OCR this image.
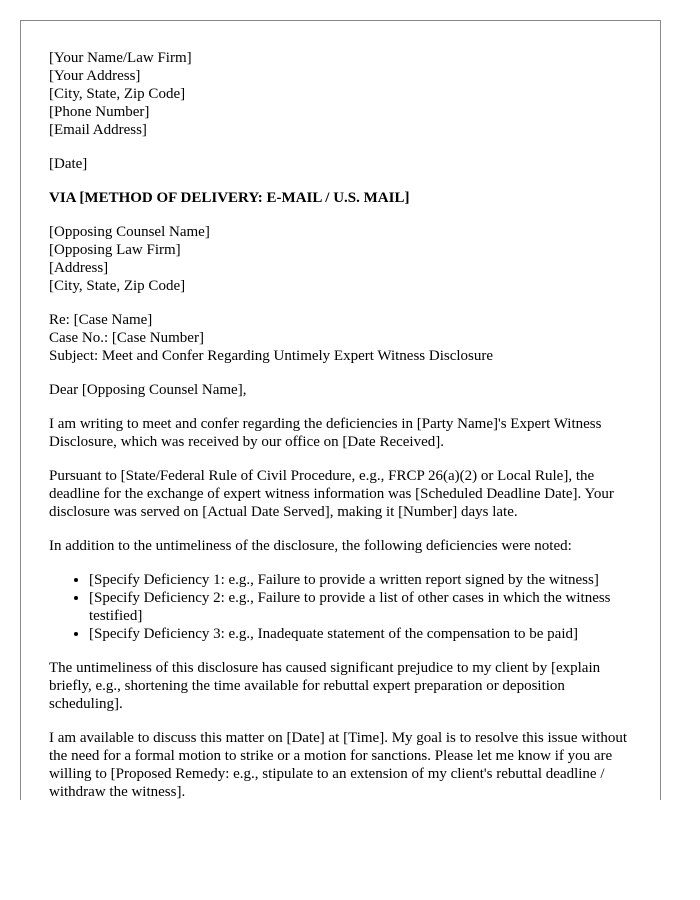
[Your Name/Law Firm]
[Your Address]
[City, State, Zip Code]
[Phone Number]
[Email Address]
[Date]
VIA [METHOD OF DELIVERY: E-MAIL / U.S. MAIL]
[Opposing Counsel Name]
[Opposing Law Firm]
[Address]
[City, State, Zip Code]
Re: [Case Name]
Case No.: [Case Number]
Subject: Meet and Confer Regarding Untimely Expert Witness Disclosure
Dear [Opposing Counsel Name],

I am writing to meet and confer regarding the deficiencies in [Party Name]'s Expert Witness Disclosure, which was received by our office on [Date Received].

Pursuant to [State/Federal Rule of Civil Procedure, e.g., FRCP 26(a)(2) or Local Rule], the deadline for the exchange of expert witness information was [Scheduled Deadline Date]. Your disclosure was served on [Actual Date Served], making it [Number] days late.

In addition to the untimeliness of the disclosure, the following deficiencies were noted:

• [Specify Deficiency 1: e.g., Failure to provide a written report signed by the witness]
• [Specify Deficiency 2: e.g., Failure to provide a list of other cases in which the witness testified]
• [Specify Deficiency 3: e.g., Inadequate statement of the compensation to be paid]

The untimeliness of this disclosure has caused significant prejudice to my client by [explain briefly, e.g., shortening the time available for rebuttal expert preparation or deposition scheduling].

I am available to discuss this matter on [Date] at [Time]. My goal is to resolve this issue without the need for a formal motion to strike or a motion for sanctions. Please let me know if you are willing to [Proposed Remedy: e.g., stipulate to an extension of my client's rebuttal deadline / withdraw the witness].
